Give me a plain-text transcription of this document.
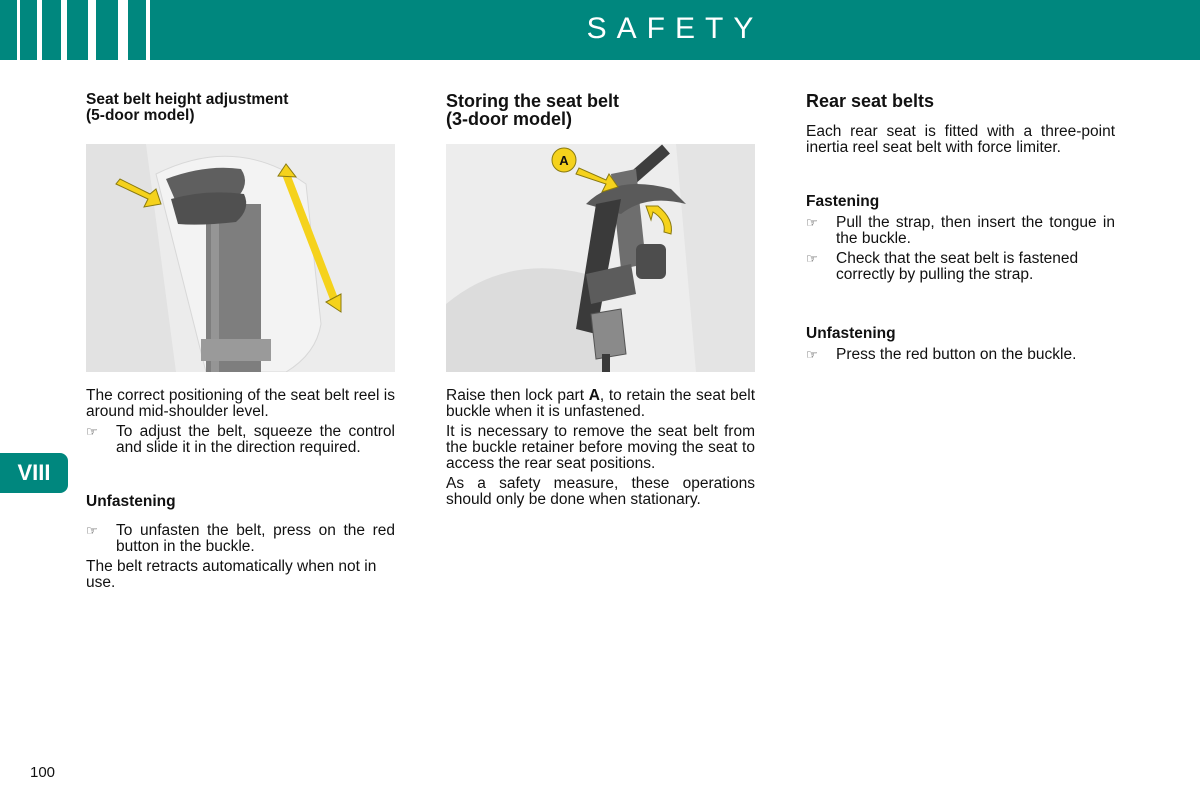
SAFETY
VIII
Seat belt height adjustment
(5-door model)

The correct positioning of the seat belt reel is around mid-shoulder level.

☞ To adjust the belt, squeeze the control and slide it in the direction required.
Unfastening
☞ To unfasten the belt, press on the red button in the buckle.

The belt retracts automatically when not in use.

Storing the seat belt
(3-door model)
A

Raise then lock part A, to retain the seat belt buckle when it is unfastened.

It is necessary to remove the seat belt from the buckle retainer before moving the seat to access the rear seat positions.

As a safety measure, these operations should only be done when stationary.

Rear seat belts

Each rear seat is fitted with a three-point inertia reel seat belt with force limiter.

Fastening
☞ Pull the strap, then insert the tongue in the buckle.
☞ Check that the seat belt is fastened correctly by pulling the strap.
Unfastening
☞ Press the red button on the buckle.
100
